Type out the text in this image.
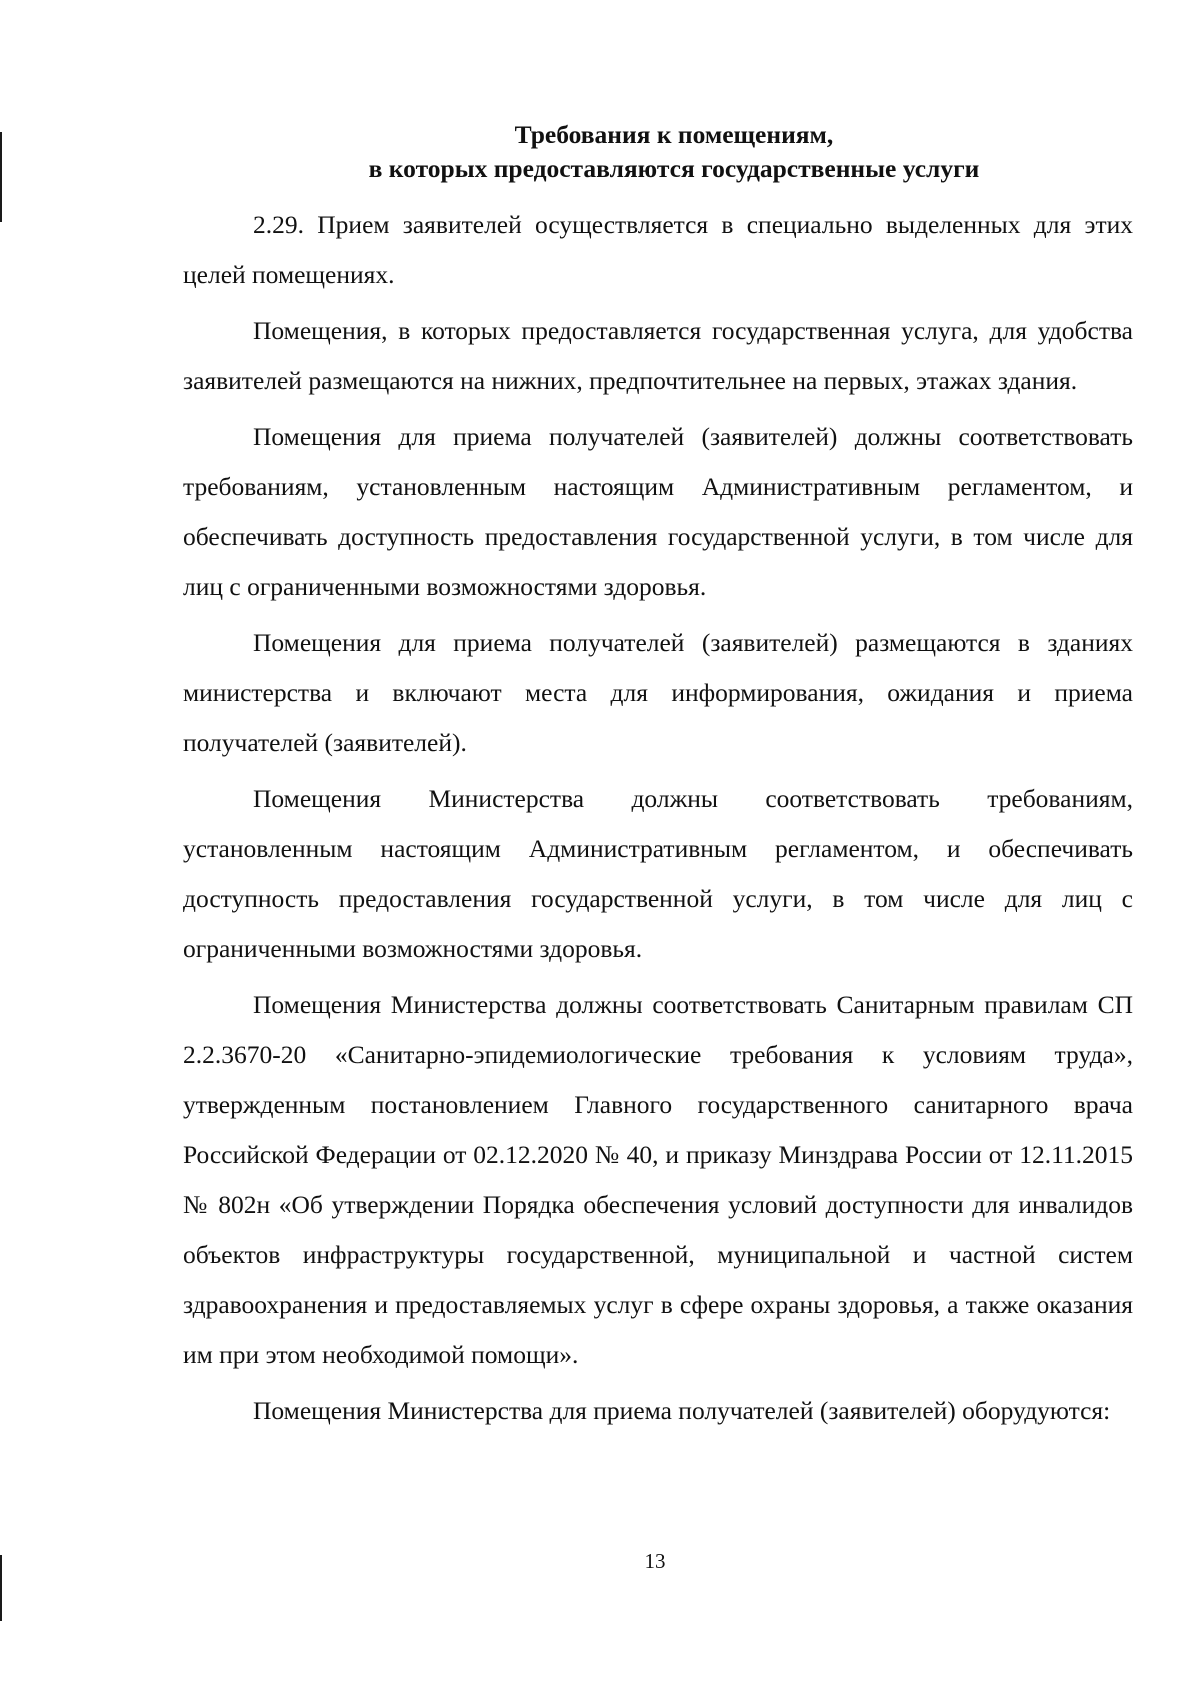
Требования к помещениям,
в которых предоставляются государственные услуги

2.29. Прием заявителей осуществляется в специально выделенных для этих целей помещениях.

Помещения, в которых предоставляется государственная услуга, для удобства заявителей размещаются на нижних, предпочтительнее на первых, этажах здания.

Помещения для приема получателей (заявителей) должны соответствовать требованиям, установленным настоящим Административным регламентом, и обеспечивать доступность предоставления государственной услуги, в том числе для лиц с ограниченными возможностями здоровья.

Помещения для приема получателей (заявителей) размещаются в зданиях министерства и включают места для информирования, ожидания и приема получателей (заявителей).

Помещения Министерства должны соответствовать требованиям, установленным настоящим Административным регламентом, и обеспечивать доступность предоставления государственной услуги, в том числе для лиц с ограниченными возможностями здоровья.

Помещения Министерства должны соответствовать Санитарным правилам СП 2.2.3670-20 «Санитарно-эпидемиологические требования к условиям труда», утвержденным постановлением Главного государственного санитарного врача Российской Федерации от 02.12.2020 № 40, и приказу Минздрава России от 12.11.2015 № 802н «Об утверждении Порядка обеспечения условий доступности для инвалидов объектов инфраструктуры государственной, муниципальной и частной систем здравоохранения и предоставляемых услуг в сфере охраны здоровья, а также оказания им при этом необходимой помощи».

Помещения Министерства для приема получателей (заявителей) оборудуются:

13
